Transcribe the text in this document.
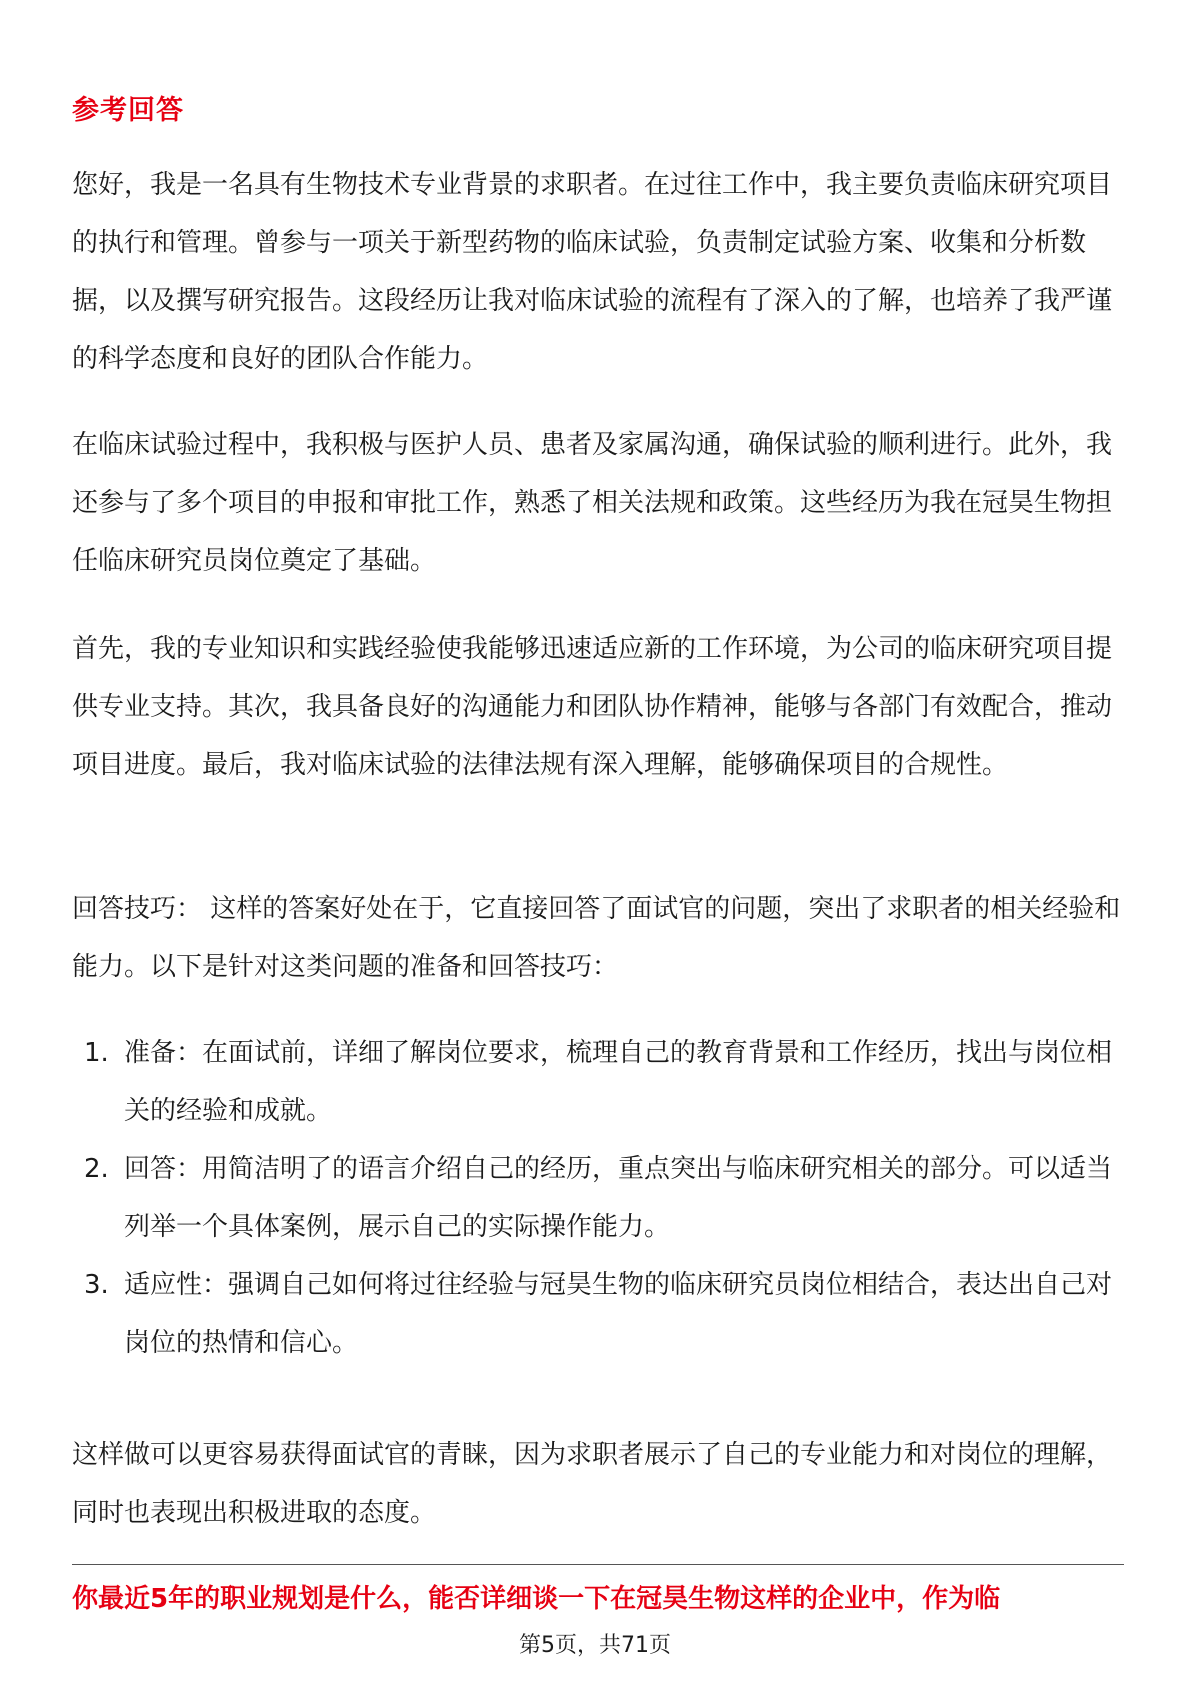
参考回答

您好，我是一名具有生物技术专业背景的求职者。在过往工作中，我主要负责临床研究项目的执行和管理。曾参与一项关于新型药物的临床试验，负责制定试验方案、收集和分析数据，以及撰写研究报告。这段经历让我对临床试验的流程有了深入的了解，也培养了我严谨的科学态度和良好的团队合作能力。

在临床试验过程中，我积极与医护人员、患者及家属沟通，确保试验的顺利进行。此外，我还参与了多个项目的申报和审批工作，熟悉了相关法规和政策。这些经历为我在冠昊生物担任临床研究员岗位奠定了基础。

首先，我的专业知识和实践经验使我能够迅速适应新的工作环境，为公司的临床研究项目提供专业支持。其次，我具备良好的沟通能力和团队协作精神，能够与各部门有效配合，推动项目进度。最后，我对临床试验的法律法规有深入理解，能够确保项目的合规性。

回答技巧： 这样的答案好处在于，它直接回答了面试官的问题，突出了求职者的相关经验和能力。以下是针对这类问题的准备和回答技巧：

1. 准备：在面试前，详细了解岗位要求，梳理自己的教育背景和工作经历，找出与岗位相关的经验和成就。
2. 回答：用简洁明了的语言介绍自己的经历，重点突出与临床研究相关的部分。可以适当列举一个具体案例，展示自己的实际操作能力。
3. 适应性：强调自己如何将过往经验与冠昊生物的临床研究员岗位相结合，表达出自己对岗位的热情和信心。

这样做可以更容易获得面试官的青睐，因为求职者展示了自己的专业能力和对岗位的理解，同时也表现出积极进取的态度。

你最近5年的职业规划是什么，能否详细谈一下在冠昊生物这样的企业中，作为临
第5页，共71页
